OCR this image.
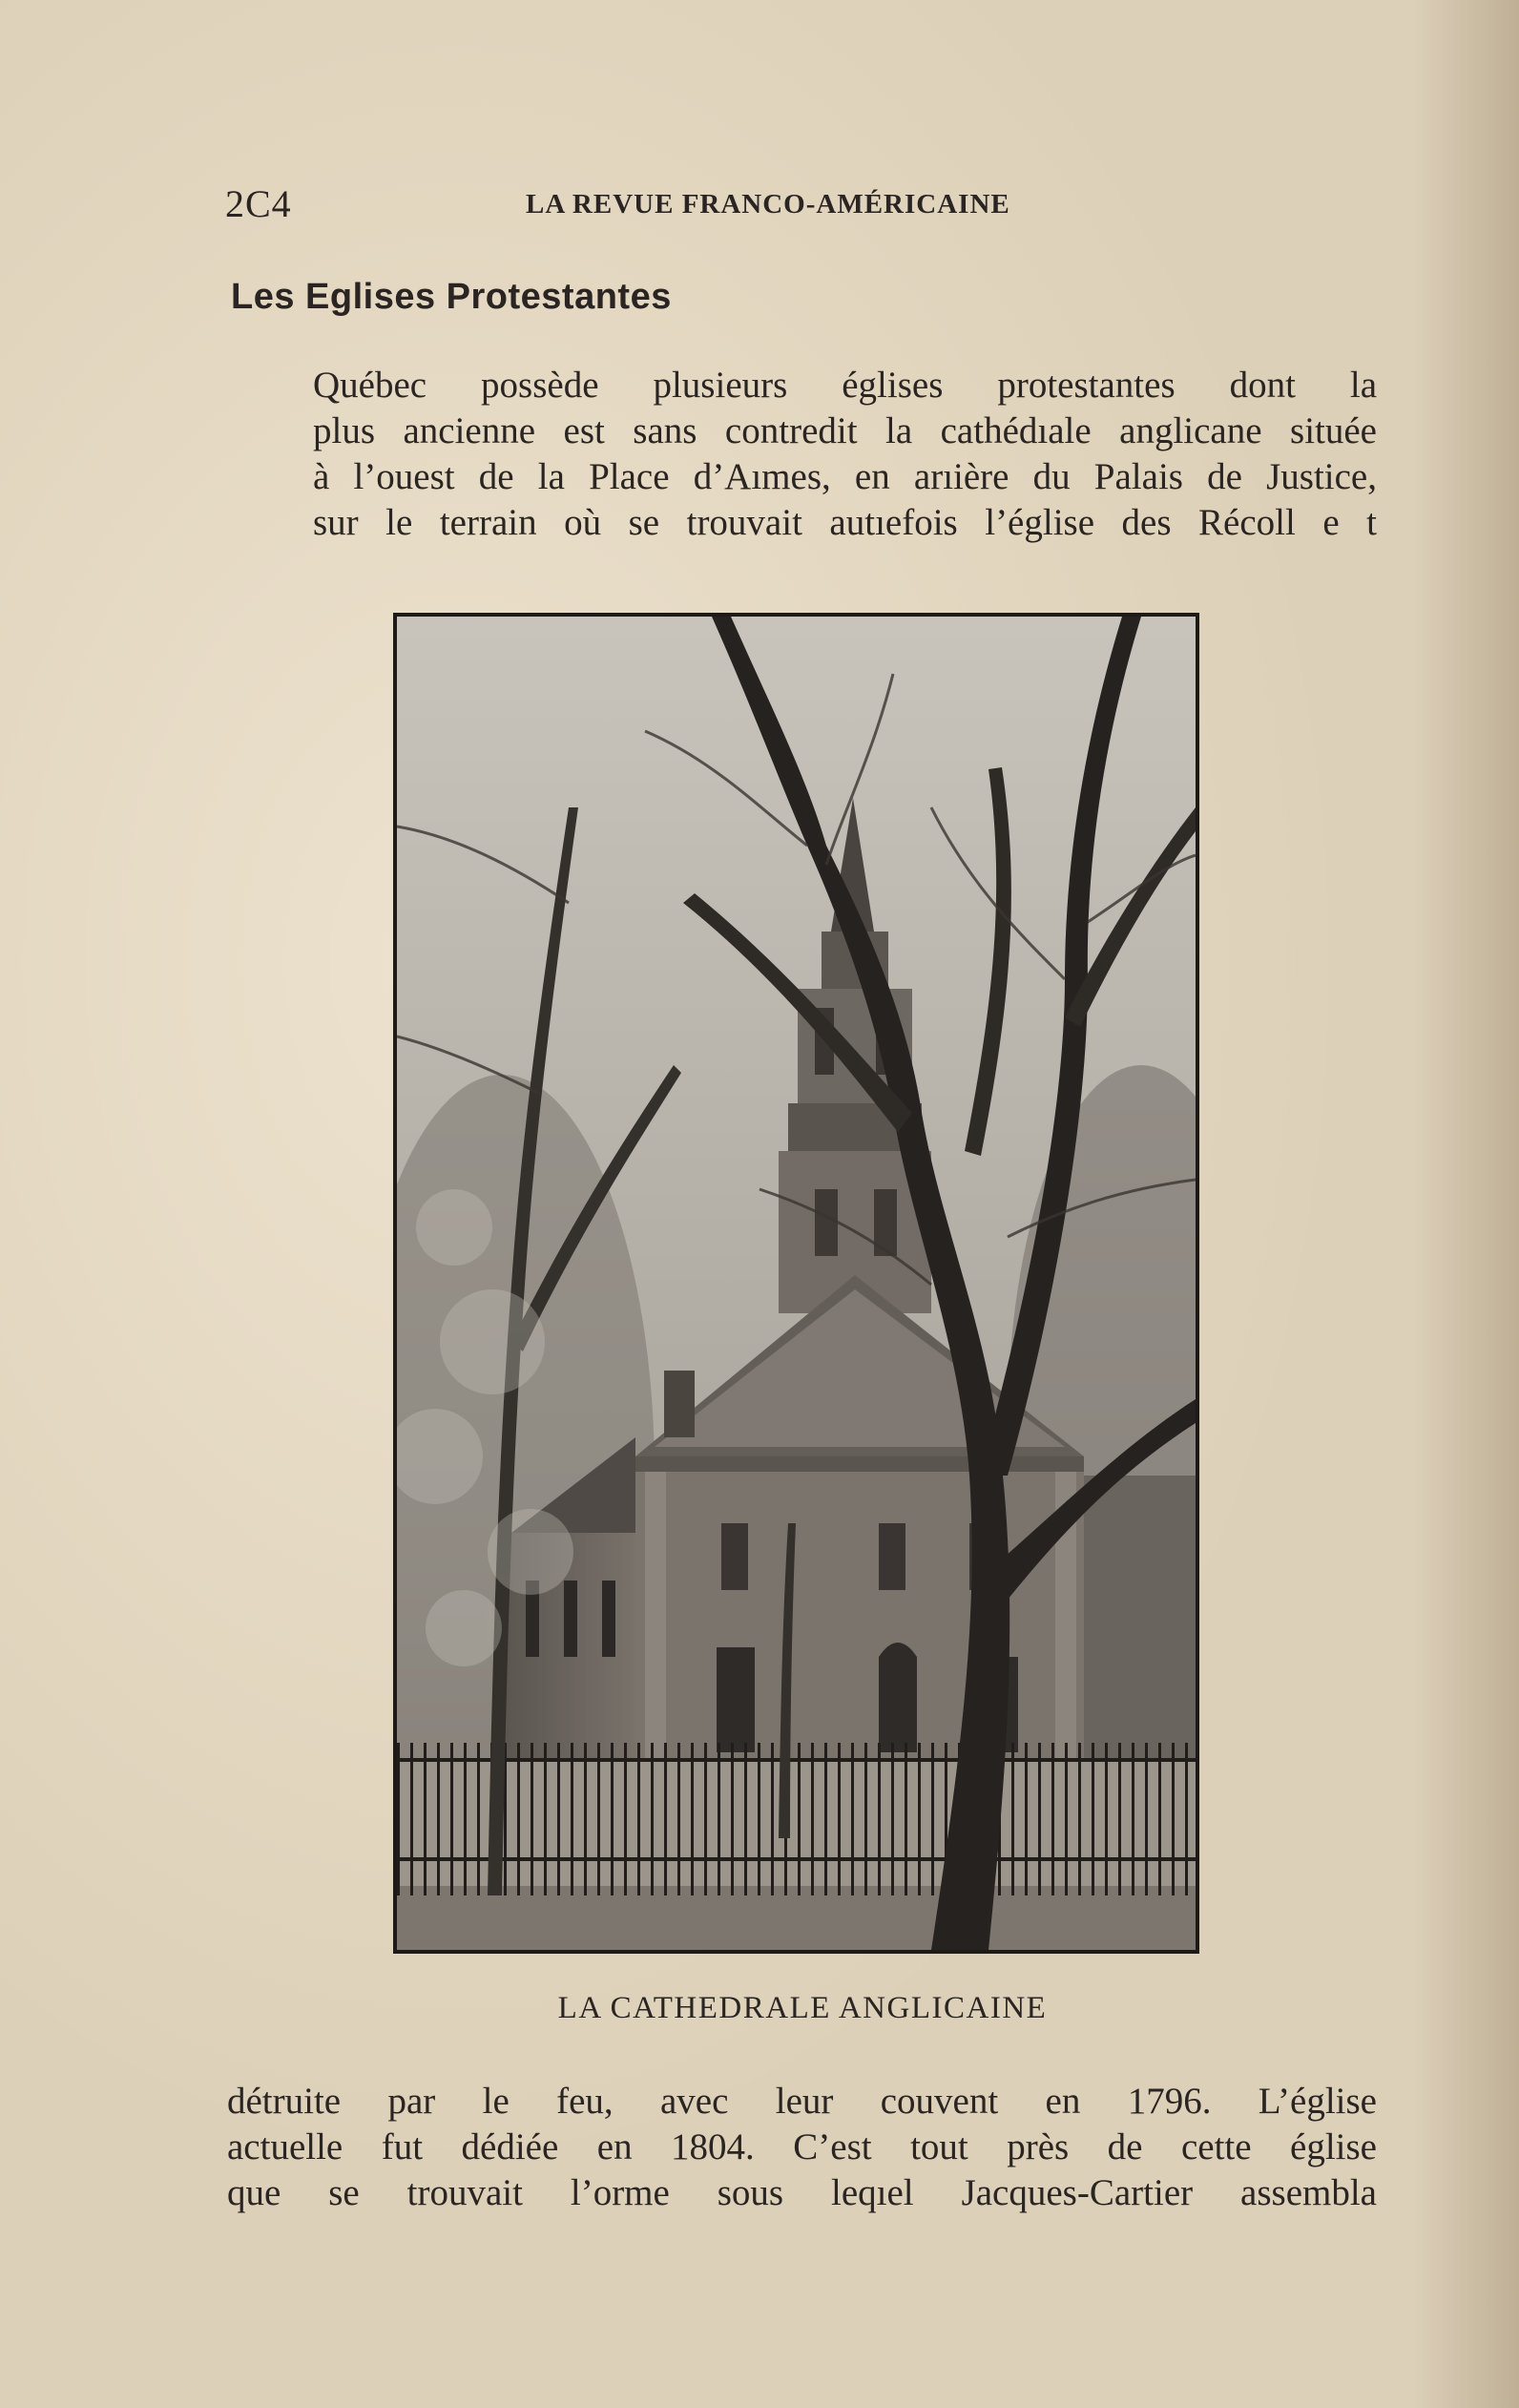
2C4	LA REVUE FRANCO-AMÉRICAINE
Les Eglises Protestantes

Québec possède plusieurs églises protestantes dont la
plus ancienne est sans contredit la cathédıale anglicane située
à l’ouest de la Place d’Aımes, en arıière du Palais de Justice,
sur le terrain où se trouvait autıefois l’église des Récoll e t

LA CATHEDRALE ANGLICAINE

détruite par le feu, avec leur couvent en 1796. L’église
actuelle fut dédiée en 1804. C’est tout près de cette église
que se trouvait l’orme sous leqıel Jacques-Cartier assembla
